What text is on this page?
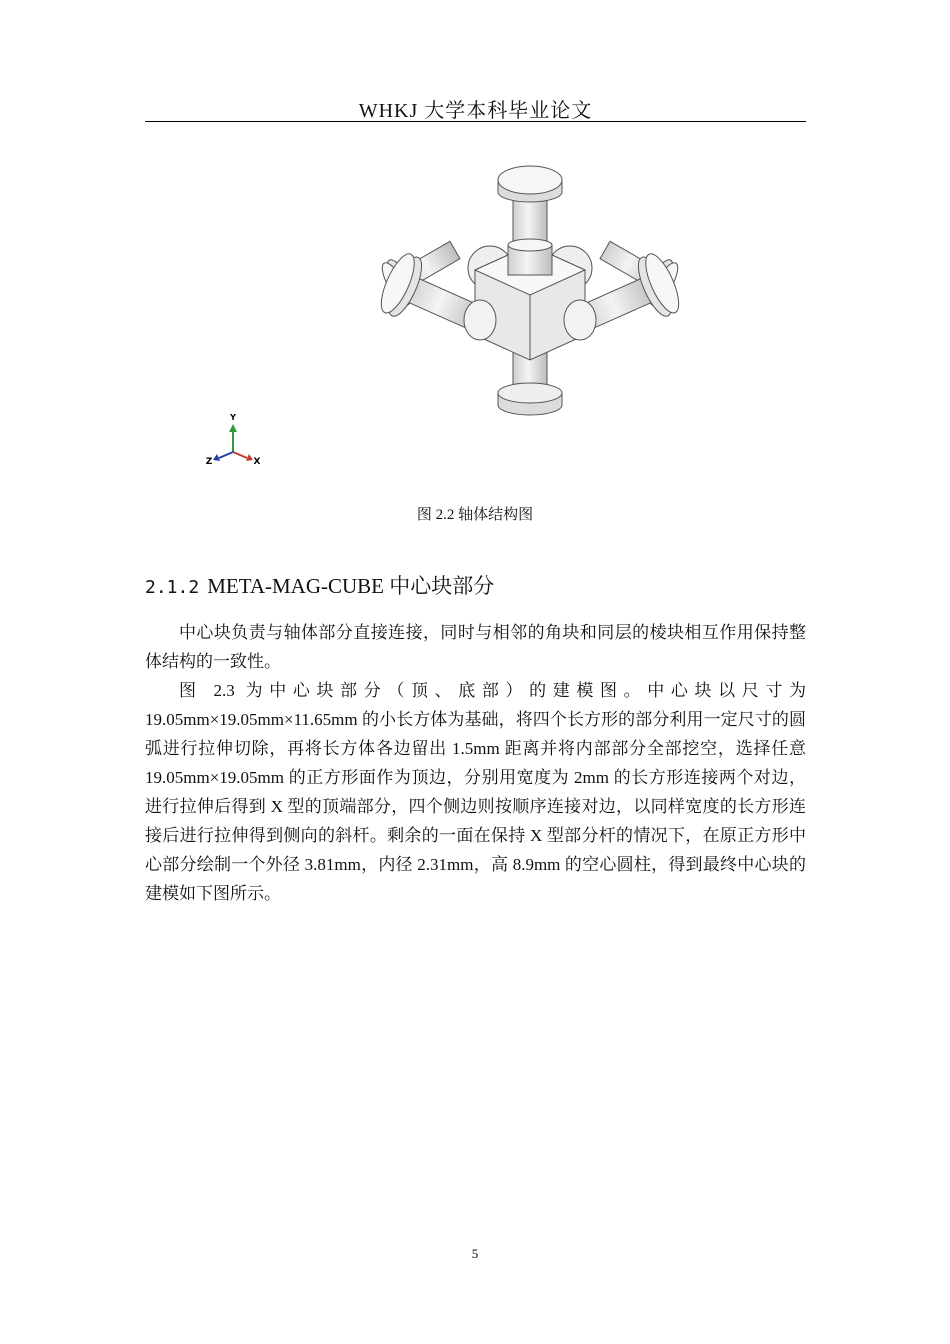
WHKJ 大学本科毕业论文
Y
Z	X
图 2.2 轴体结构图
2.1.2 META-MAG-CUBE 中心块部分

中心块负责与轴体部分直接连接，同时与相邻的角块和同层的棱块相互作用保持整体结构的一致性。

图 2.3 为中心块部分（顶、底部）的建模图。中心块以尺寸为 19.05mm×19.05mm×11.65mm 的小长方体为基础，将四个长方形的部分利用一定尺寸的圆弧进行拉伸切除，再将长方体各边留出 1.5mm 距离并将内部部分全部挖空，选择任意 19.05mm×19.05mm 的正方形面作为顶边，分别用宽度为 2mm 的长方形连接两个对边，进行拉伸后得到 X 型的顶端部分，四个侧边则按顺序连接对边，以同样宽度的长方形连接后进行拉伸得到侧向的斜杆。剩余的一面在保持 X 型部分杆的情况下，在原正方形中心部分绘制一个外径 3.81mm，内径 2.31mm，高 8.9mm 的空心圆柱，得到最终中心块的建模如下图所示。

5
